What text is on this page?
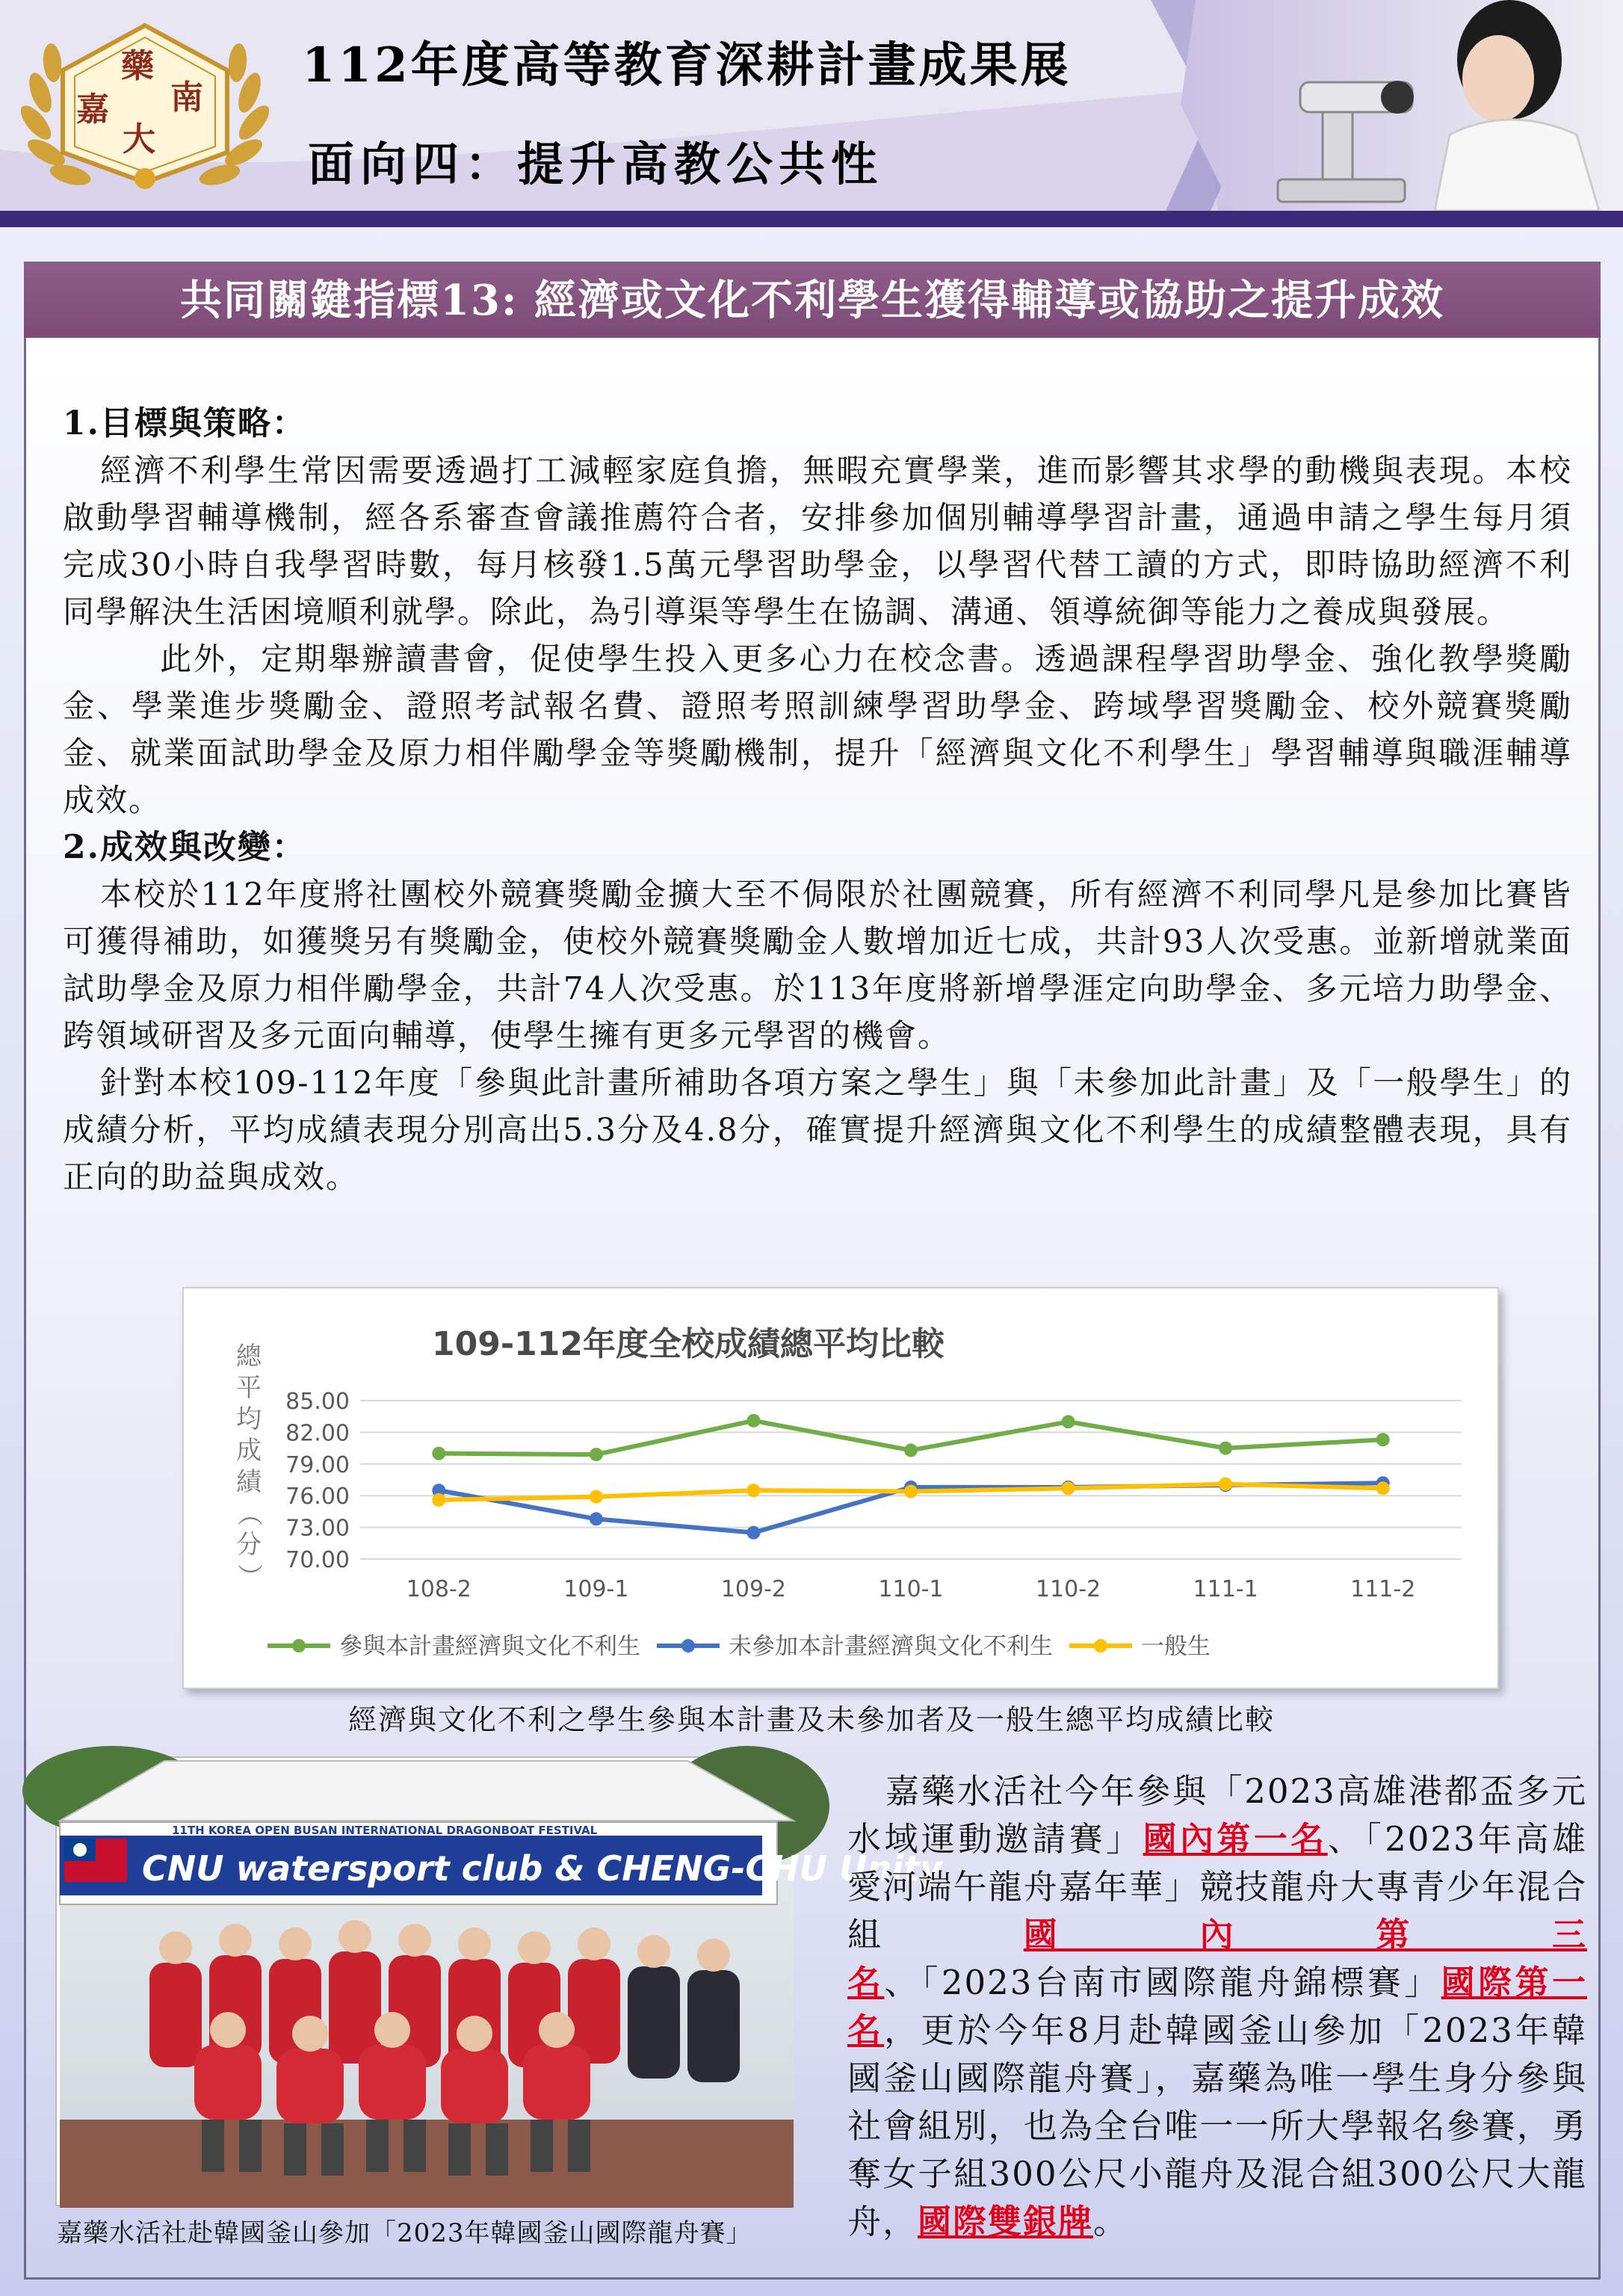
藥
嘉 南
大
112年度高等教育深耕計畫成果展
面向四：提升高教公共性
共同關鍵指標13: 經濟或文化不利學生獲得輔導或協助之提升成效
1.目標與策略：

經濟不利學生常因需要透過打工減輕家庭負擔，無暇充實學業，進而影響其求學的動機與表現。本校啟動學習輔導機制，經各系審查會議推薦符合者，安排參加個別輔導學習計畫，通過申請之學生每月須完成30小時自我學習時數，每月核發1.5萬元學習助學金，以學習代替工讀的方式，即時協助經濟不利同學解決生活困境順利就學。除此，為引導渠等學生在協調、溝通、領導統御等能力之養成與發展。

此外，定期舉辦讀書會，促使學生投入更多心力在校念書。透過課程學習助學金、強化教學獎勵金、學業進步獎勵金、證照考試報名費、證照考照訓練學習助學金、跨域學習獎勵金、校外競賽獎勵金、就業面試助學金及原力相伴勵學金等獎勵機制，提升「經濟與文化不利學生」學習輔導與職涯輔導成效。

2.成效與改變：

本校於112年度將社團校外競賽獎勵金擴大至不侷限於社團競賽，所有經濟不利同學凡是參加比賽皆可獲得補助，如獲獎另有獎勵金，使校外競賽獎勵金人數增加近七成，共計93人次受惠。並新增就業面試助學金及原力相伴勵學金，共計74人次受惠。於113年度將新增學涯定向助學金、多元培力助學金、跨領域研習及多元面向輔導，使學生擁有更多元學習的機會。

針對本校109-112年度「參與此計畫所補助各項方案之學生」與「未參加此計畫」及「一般學生」的成績分析，平均成績表現分別高出5.3分及4.8分，確實提升經濟與文化不利學生的成績整體表現，具有正向的助益與成效。

109-112年度全校成績總平均比較
總
平
均
成
績
（
分
）
85.00
82.00
79.00
76.00
73.00
70.00
108-2	109-1	109-2	110-1	110-2	111-1	111-2
參與本計畫經濟與文化不利生	未參加本計畫經濟與文化不利生	一般生
經濟與文化不利之學生參與本計畫及未參加者及一般生總平均成績比較
11TH KOREA OPEN BUSAN INTERNATIONAL DRAGONBOAT FESTIVAL
CNU watersport club & CHENG-CHU Unity
嘉藥水活社赴韓國釜山參加「2023年韓國釜山國際龍舟賽」
嘉藥水活社今年參與「2023高雄港都盃多元水域運動邀請賽」國內第一名、「2023年高雄愛河端午龍舟嘉年華」競技龍舟大專青少年混合組國內第三名、「2023台南市國際龍舟錦標賽」國際第一名，更於今年8月赴韓國釜山參加「2023年韓國釜山國際龍舟賽」，嘉藥為唯一學生身分參與社會組別，也為全台唯一一所大學報名參賽，勇奪女子組300公尺小龍舟及混合組300公尺大龍舟，國際雙銀牌。
